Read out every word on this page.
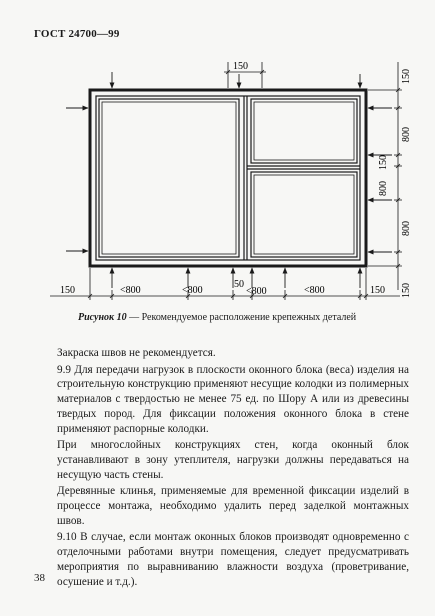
ГОСТ 24700—99
150
150
800
150
800
800
150
150	<800	<800
50
<800	<800	150
Рисунок 10 — Рекомендуемое расположение крепежных деталей

Закраска швов не рекомендуется.

9.9 Для передачи нагрузок в плоскости оконного блока (веса) изделия на строительную конструкцию применяют несущие колодки из полимерных материалов с твердостью не менее 75 ед. по Шору А или из древесины твердых пород. Для фиксации положения оконного блока в стене применяют распорные колодки.

При многослойных конструкциях стен, когда оконный блок устанавливают в зону утеплителя, нагрузки должны передаваться на несущую часть стены.

Деревянные клинья, применяемые для временной фиксации изделий в процессе монтажа, необходимо удалить перед заделкой монтажных швов.

9.10 В случае, если монтаж оконных блоков производят одновременно с отделочными работами внутри помещения, следует предусматривать мероприятия по выравниванию влажности воздуха (проветривание, осушение и т.д.).

38
